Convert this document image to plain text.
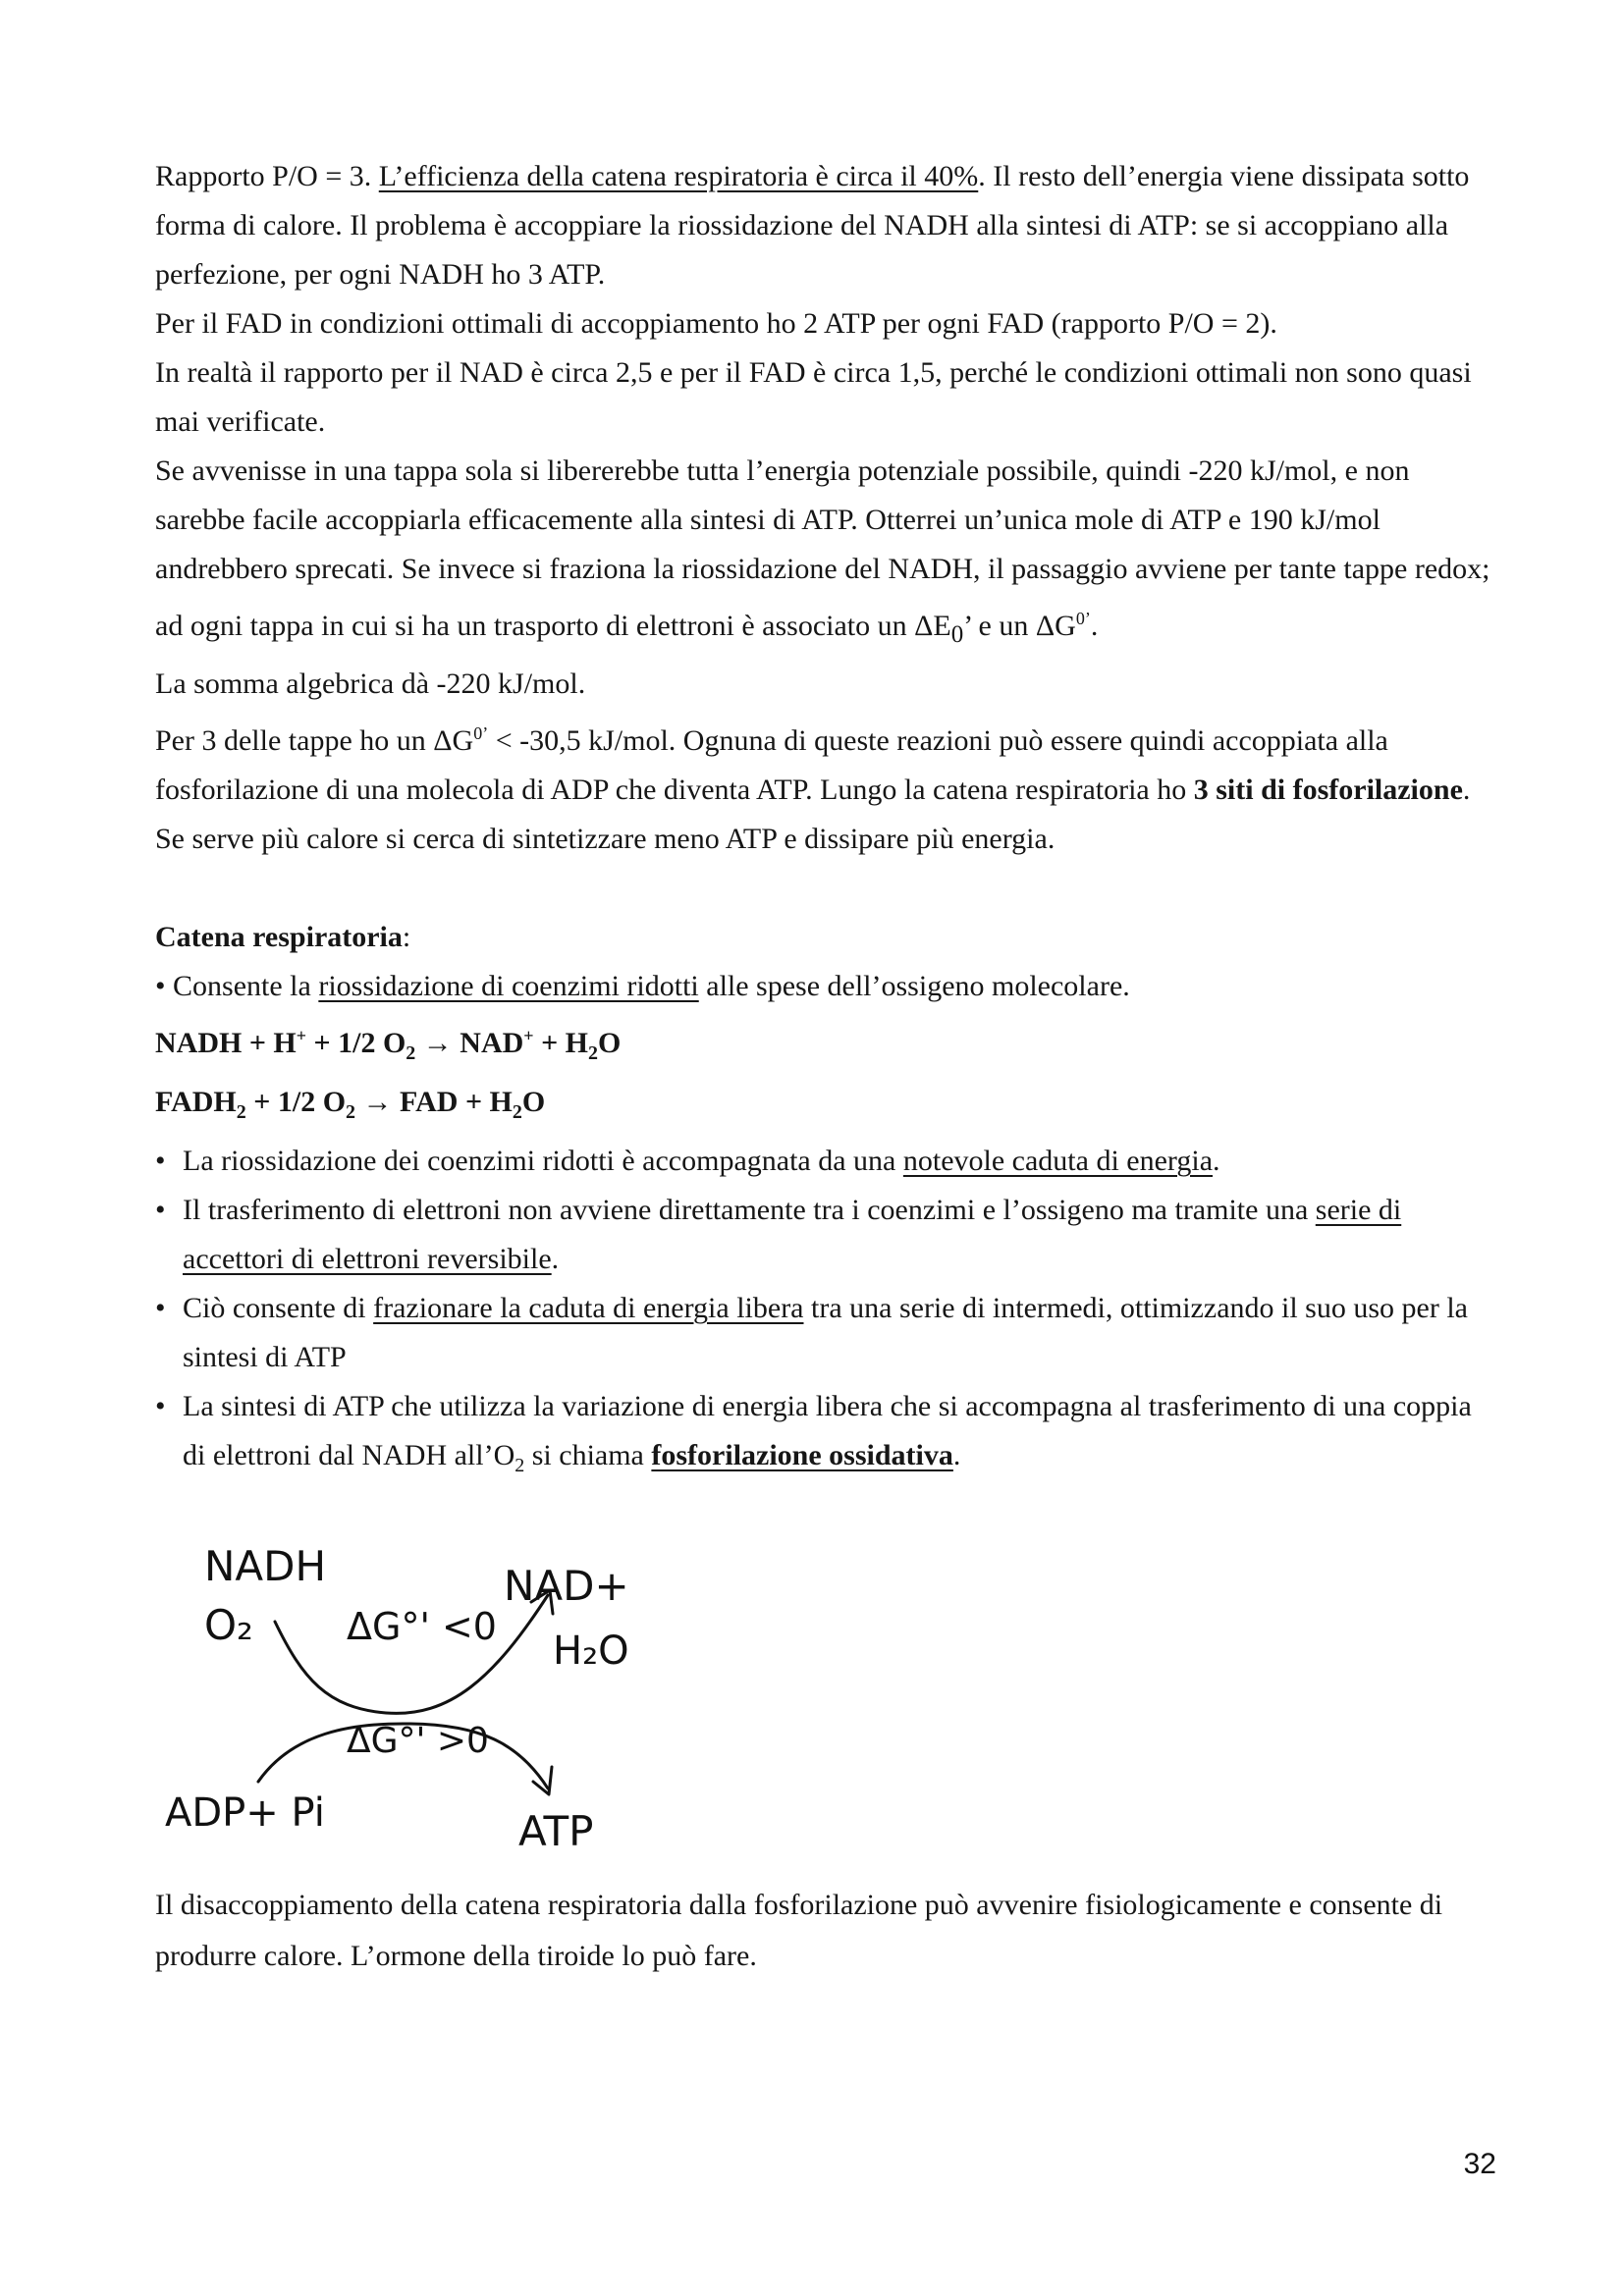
Rapporto P/O = 3. L’efficienza della catena respiratoria è circa il 40%. Il resto dell’energia viene dissipata sotto forma di calore. Il problema è accoppiare la riossidazione del NADH alla sintesi di ATP: se si accoppiano alla perfezione, per ogni NADH ho 3 ATP.

Per il FAD in condizioni ottimali di accoppiamento ho 2 ATP per ogni FAD (rapporto P/O = 2).

In realtà il rapporto per il NAD è circa 2,5 e per il FAD è circa 1,5, perché le condizioni ottimali non sono quasi mai verificate.

Se avvenisse in una tappa sola si libererebbe tutta l’energia potenziale possibile, quindi -220 kJ/mol, e non sarebbe facile accoppiarla efficacemente alla sintesi di ATP. Otterrei un’unica mole di ATP e 190 kJ/mol andrebbero sprecati. Se invece si fraziona la riossidazione del NADH, il passaggio avviene per tante tappe redox; ad ogni tappa in cui si ha un trasporto di elettroni è associato un $\Delta E_0$’ e un $\Delta G^{0’}$.

La somma algebrica dà -220 kJ/mol.

Per 3 delle tappe ho un $\Delta G^{0’} < -30,5$ kJ/mol. Ognuna di queste reazioni può essere quindi accoppiata alla fosforilazione di una molecola di ADP che diventa ATP. Lungo la catena respiratoria ho 3 siti di fosforilazione.

Se serve più calore si cerca di sintetizzare meno ATP e dissipare più energia.

Catena respiratoria:

• Consente la riossidazione di coenzimi ridotti alle spese dell’ossigeno molecolare.

NADH + H+ + 1/2 $O_2 \to NAD^+ + H_2O$

$FADH_2 + 1/2$ $O_2$ → FAD + $H_2O$

• La riossidazione dei coenzimi ridotti è accompagnata da una notevole caduta di energia.

• Il trasferimento di elettroni non avviene direttamente tra i coenzimi e l’ossigeno ma tramite una serie di accettori di elettroni reversibile.

• Ciò consente di frazionare la caduta di energia libera tra una serie di intermedi, ottimizzando il suo uso per la sintesi di ATP

• La sintesi di ATP che utilizza la variazione di energia libera che si accompagna al trasferimento di una coppia di elettroni dal NADH $all’O_2$ si chiama fosforilazione ossidativa.

NADH
O₂	ΔG°' <0
NAD+
H₂O
ΔG°' >0
ADP+ Pi	ATP

Il disaccoppiamento della catena respiratoria dalla fosforilazione può avvenire fisiologicamente e consente di produrre calore. L’ormone della tiroide lo può fare.

32
